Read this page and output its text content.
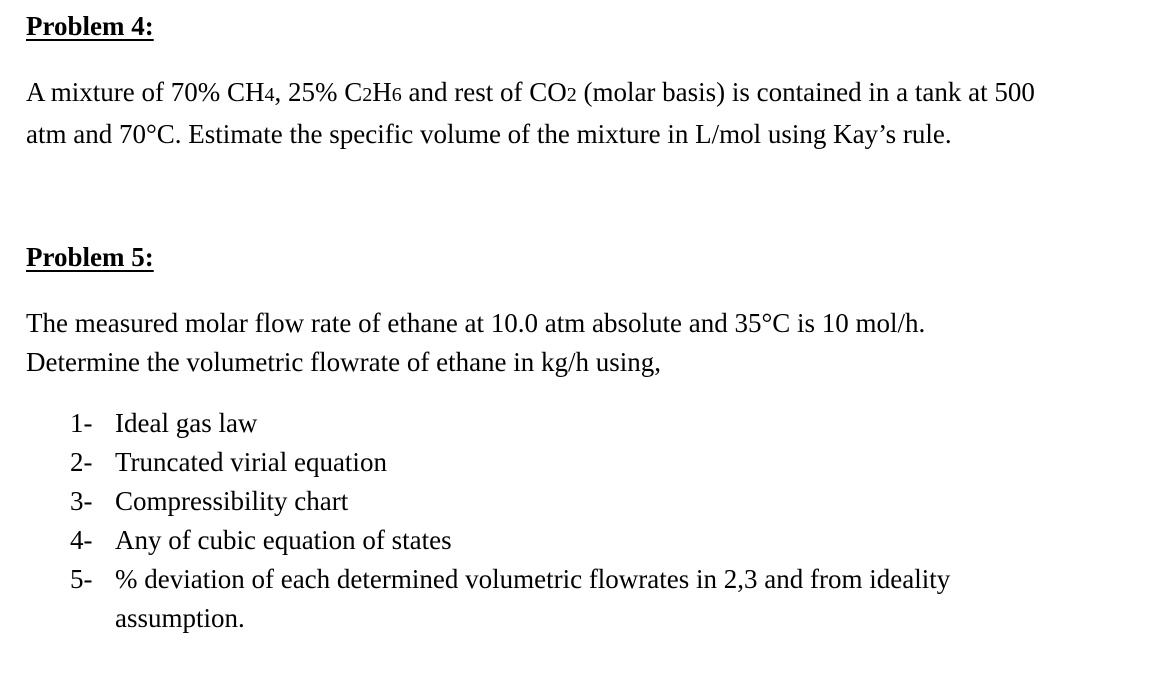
Problem 4:
A mixture of 70% CH4, 25% C2H6 and rest of CO2 (molar basis) is contained in a tank at 500
atm and 70°C. Estimate the specific volume of the mixture in L/mol using Kay’s rule.
Problem 5:
The measured molar flow rate of ethane at 10.0 atm absolute and 35°C is 10 mol/h.
Determine the volumetric flowrate of ethane in kg/h using,
1- Ideal gas law
2- Truncated virial equation
3- Compressibility chart
4- Any of cubic equation of states
5- % deviation of each determined volumetric flowrates in 2,3 and from ideality assumption.
